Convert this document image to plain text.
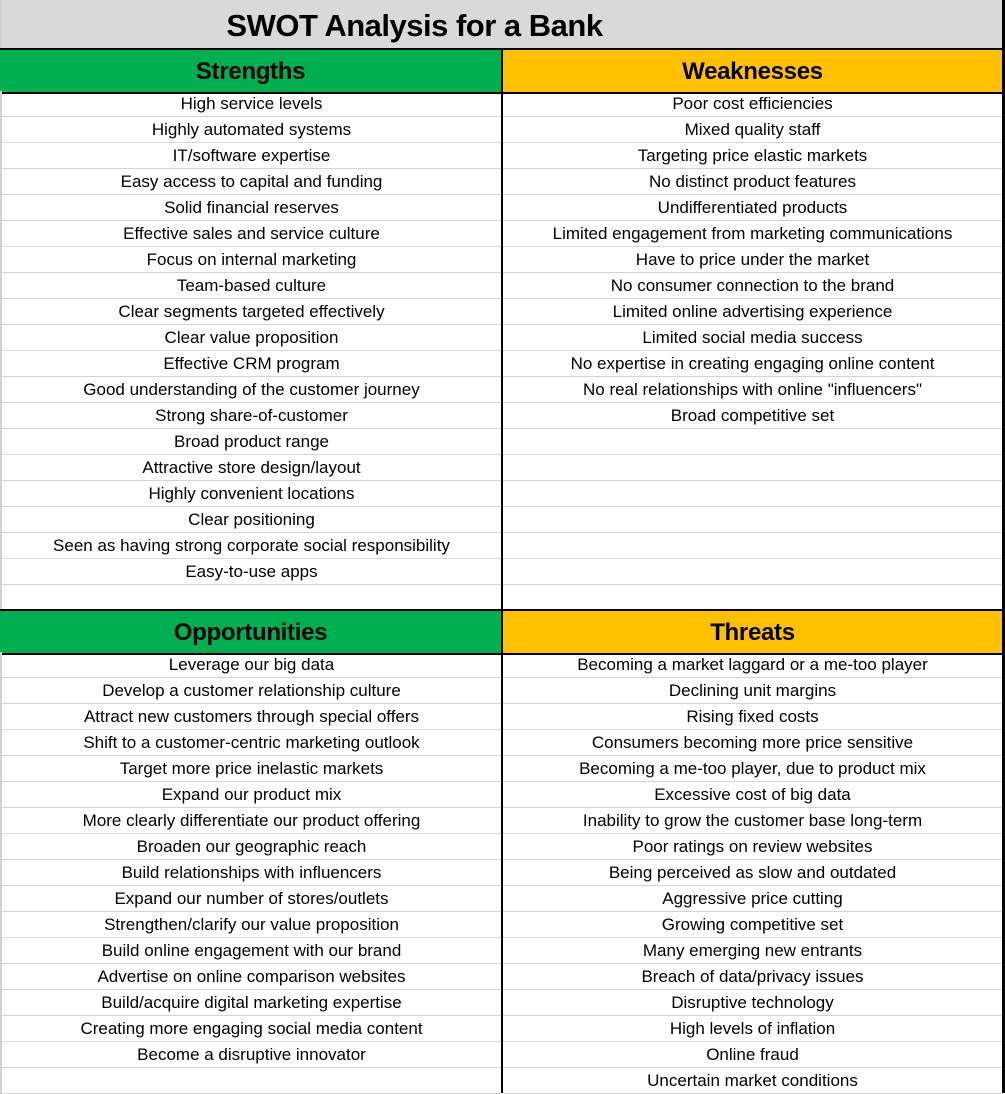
SWOT Analysis for a Bank
Strengths	Weaknesses
High service levels
Highly automated systems
IT/software expertise
Easy access to capital and funding
Solid financial reserves
Effective sales and service culture
Focus on internal marketing
Team-based culture
Clear segments targeted effectively
Clear value proposition
Effective CRM program
Good understanding of the customer journey
Strong share-of-customer
Broad product range
Attractive store design/layout
Highly convenient locations
Clear positioning
Seen as having strong corporate social responsibility
Easy-to-use apps
Poor cost efficiencies
Mixed quality staff
Targeting price elastic markets
No distinct product features
Undifferentiated products
Limited engagement from marketing communications
Have to price under the market
No consumer connection to the brand
Limited online advertising experience
Limited social media success
No expertise in creating engaging online content
No real relationships with online "influencers"
Broad competitive set
Opportunities	Threats
Leverage our big data
Develop a customer relationship culture
Attract new customers through special offers
Shift to a customer-centric marketing outlook
Target more price inelastic markets
Expand our product mix
More clearly differentiate our product offering
Broaden our geographic reach
Build relationships with influencers
Expand our number of stores/outlets
Strengthen/clarify our value proposition
Build online engagement with our brand
Advertise on online comparison websites
Build/acquire digital marketing expertise
Creating more engaging social media content
Become a disruptive innovator
Becoming a market laggard or a me-too player
Declining unit margins
Rising fixed costs
Consumers becoming more price sensitive
Becoming a me-too player, due to product mix
Excessive cost of big data
Inability to grow the customer base long-term
Poor ratings on review websites
Being perceived as slow and outdated
Aggressive price cutting
Growing competitive set
Many emerging new entrants
Breach of data/privacy issues
Disruptive technology
High levels of inflation
Online fraud
Uncertain market conditions
